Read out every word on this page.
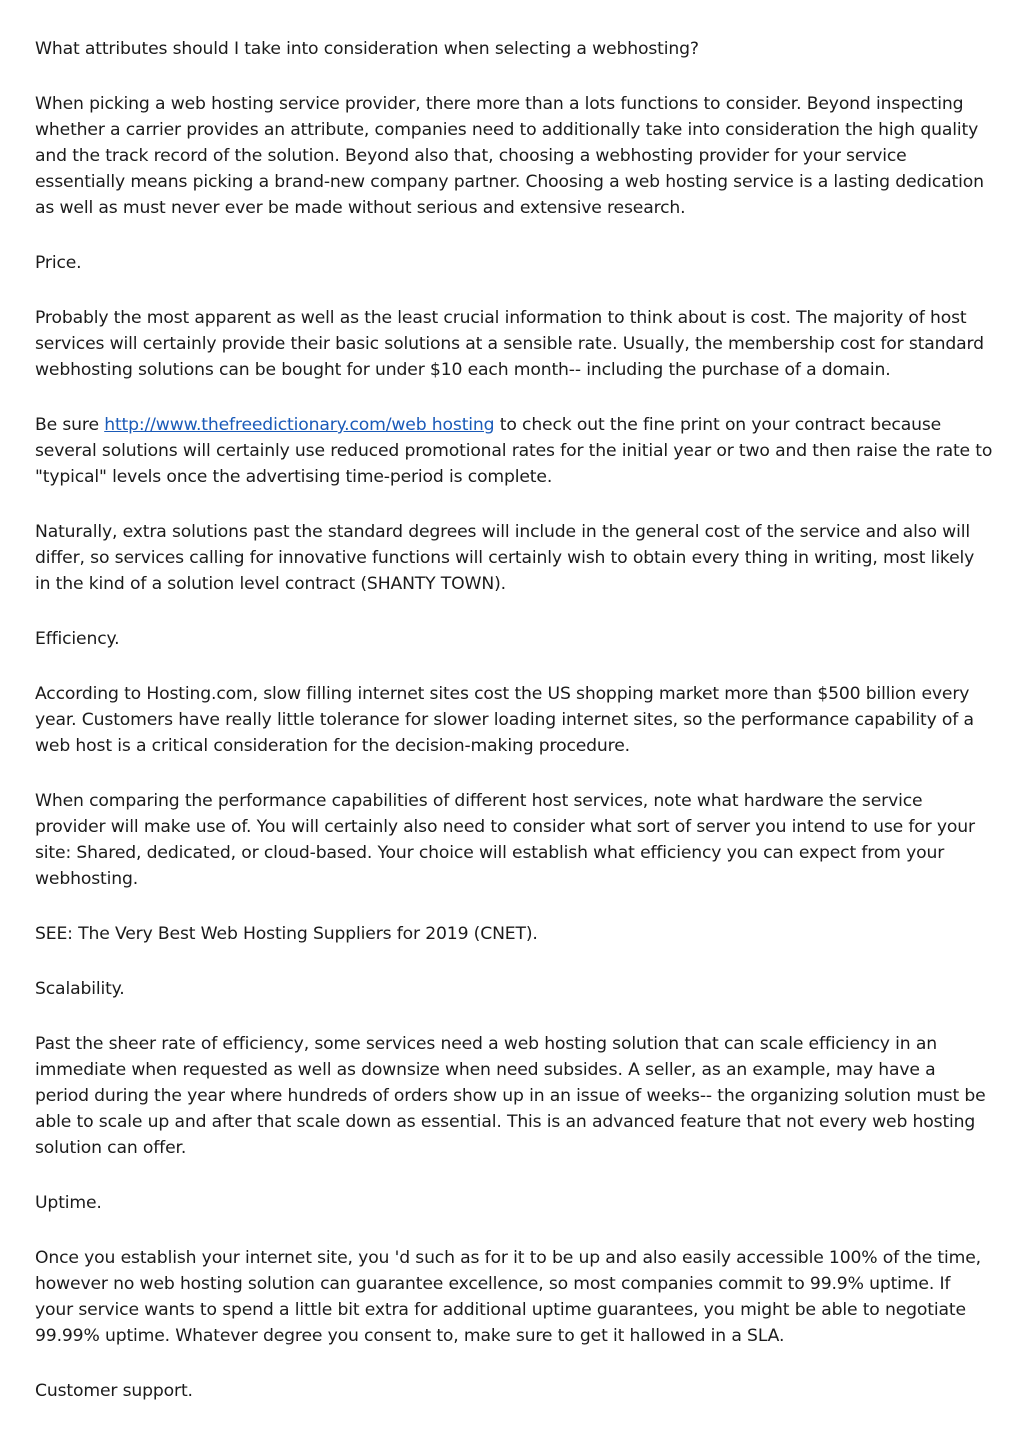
What attributes should I take into consideration when selecting a webhosting?

When picking a web hosting service provider, there more than a lots functions to consider. Beyond inspecting whether a carrier provides an attribute, companies need to additionally take into consideration the high quality and the track record of the solution. Beyond also that, choosing a webhosting provider for your service essentially means picking a brand-new company partner. Choosing a web hosting service is a lasting dedication as well as must never ever be made without serious and extensive research.

Price.

Probably the most apparent as well as the least crucial information to think about is cost. The majority of host services will certainly provide their basic solutions at a sensible rate. Usually, the membership cost for standard webhosting solutions can be bought for under $10 each month-- including the purchase of a domain.

Be sure http://www.thefreedictionary.com/web hosting to check out the fine print on your contract because several solutions will certainly use reduced promotional rates for the initial year or two and then raise the rate to "typical" levels once the advertising time-period is complete.

Naturally, extra solutions past the standard degrees will include in the general cost of the service and also will differ, so services calling for innovative functions will certainly wish to obtain every thing in writing, most likely in the kind of a solution level contract (SHANTY TOWN).

Efficiency.

According to Hosting.com, slow filling internet sites cost the US shopping market more than $500 billion every year. Customers have really little tolerance for slower loading internet sites, so the performance capability of a web host is a critical consideration for the decision-making procedure.

When comparing the performance capabilities of different host services, note what hardware the service provider will make use of. You will certainly also need to consider what sort of server you intend to use for your site: Shared, dedicated, or cloud-based. Your choice will establish what efficiency you can expect from your webhosting.

SEE: The Very Best Web Hosting Suppliers for 2019 (CNET).

Scalability.

Past the sheer rate of efficiency, some services need a web hosting solution that can scale efficiency in an immediate when requested as well as downsize when need subsides. A seller, as an example, may have a period during the year where hundreds of orders show up in an issue of weeks-- the organizing solution must be able to scale up and after that scale down as essential. This is an advanced feature that not every web hosting solution can offer.

Uptime.

Once you establish your internet site, you 'd such as for it to be up and also easily accessible 100% of the time, however no web hosting solution can guarantee excellence, so most companies commit to 99.9% uptime. If your service wants to spend a little bit extra for additional uptime guarantees, you might be able to negotiate 99.99% uptime. Whatever degree you consent to, make sure to get it hallowed in a SLA.

Customer support.
